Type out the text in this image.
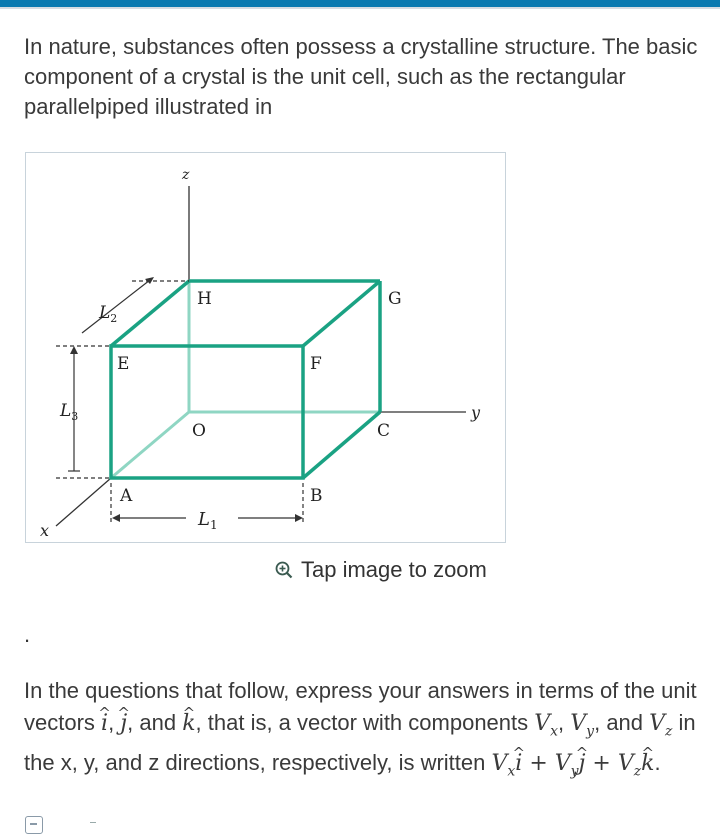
In nature, substances often possess a crystalline structure. The basic component of a crystal is the unit cell, such as the rectangular parallelpiped illustrated in

z
y
x
H	G
E	F
O	C
A	B
$L_1$
$L_2$
$L_3$
Tap image to zoom
.

In the questions that follow, express your answers in terms of the unit vectors i ^, j ^, and k ^, that is, a vector with components $V_x$, $V_y$, and $V_z$ in the x, y, and z directions, respectively, is written $V_xi$ ^ + $V_yj$ ^ + $V_zk$ ^.
